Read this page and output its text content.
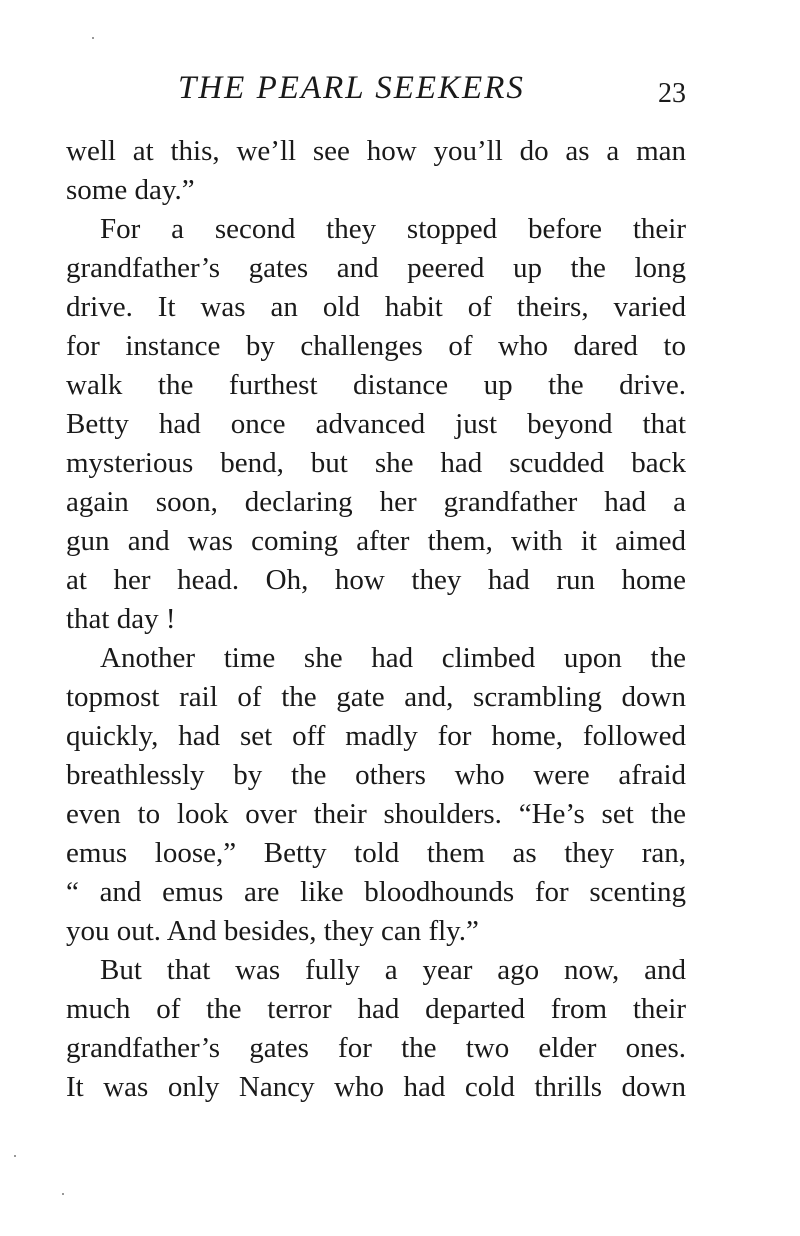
THE PEARL SEEKERS	23
well at this, we’ll see how you’ll do as a man
some day.”
For a second they stopped before their
grandfather’s gates and peered up the long
drive. It was an old habit of theirs, varied
for instance by challenges of who dared to
walk the furthest distance up the drive.
Betty had once advanced just beyond that
mysterious bend, but she had scudded back
again soon, declaring her grandfather had a
gun and was coming after them, with it aimed
at her head. Oh, how they had run home
that day !
Another time she had climbed upon the
topmost rail of the gate and, scrambling down
quickly, had set off madly for home, followed
breathlessly by the others who were afraid
even to look over their shoulders. “He’s set the
emus loose,” Betty told them as they ran,
“ and emus are like bloodhounds for scenting
you out. And besides, they can fly.”
But that was fully a year ago now, and
much of the terror had departed from their
grandfather’s gates for the two elder ones.
It was only Nancy who had cold thrills down
